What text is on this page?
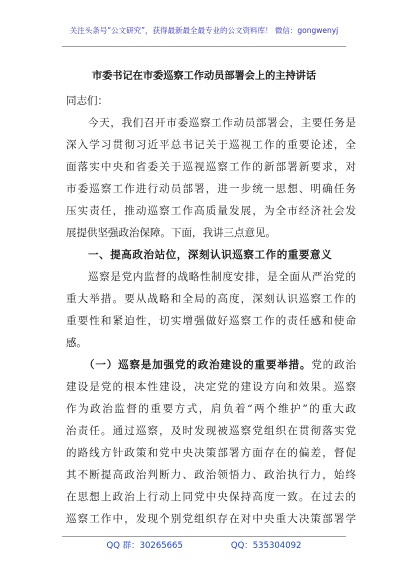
关注头条号“公文研究”，获得最新最全最专业的公文资料库！ 微信：gongwenyj
市委书记在市委巡察工作动员部署会上的主持讲话
同志们：
今天，我们召开市委巡察工作动员部署会，主要任务是
深入学习贯彻习近平总书记关于巡视工作的重要论述，全
面落实中央和省委关于巡视巡察工作的新部署新要求，对
市委巡察工作进行动员部署，进一步统一思想、明确任务
压实责任，推动巡察工作高质量发展，为全市经济社会发
展提供坚强政治保障。下面，我讲三点意见。
一、提高政治站位，深刻认识巡察工作的重要意义
巡察是党内监督的战略性制度安排，是全面从严治党的
重大举措。要从战略和全局的高度，深刻认识巡察工作的
重要性和紧迫性，切实增强做好巡察工作的责任感和使命
感。
（一）巡察是加强党的政治建设的重要举措。党的政治
建设是党的根本性建设，决定党的建设方向和效果。巡察
作为政治监督的重要方式，肩负着“两个维护”的重大政
治责任。通过巡察，及时发现被巡察党组织在贯彻落实党
的路线方针政策和党中央决策部署方面存在的偏差，督促
其不断提高政治判断力、政治领悟力、政治执行力，始终
在思想上政治上行动上同党中央保持高度一致。在过去的
巡察工作中，发现个别党组织存在对中央重大决策部署学
QQ 群：30265665	QQ：535304092
